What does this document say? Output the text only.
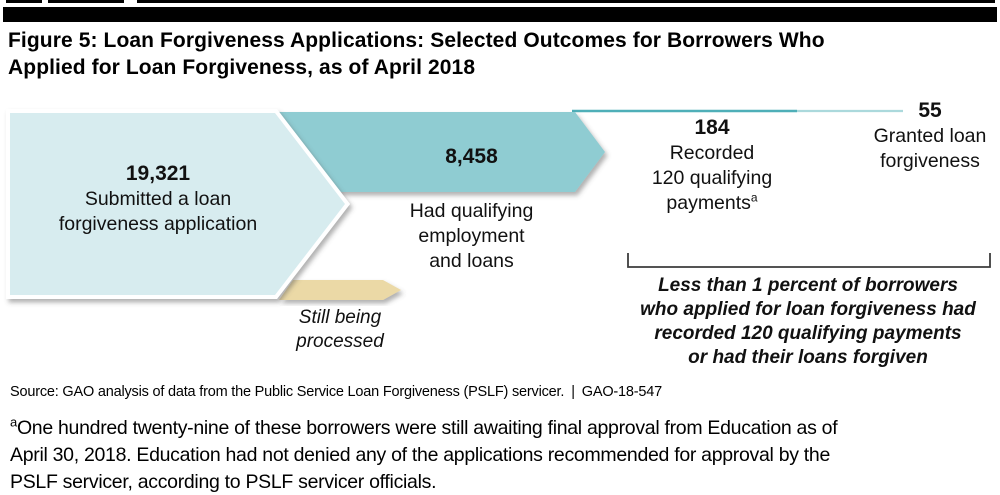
Figure 5: Loan Forgiveness Applications: Selected Outcomes for Borrowers Who
Applied for Loan Forgiveness, as of April 2018
19,321
Submitted a loan
forgiveness application
8,458
Had qualifying
employment
and loans
184
Recorded
120 qualifying
payments$^a$
55
Granted loan
forgiveness
Still being
processed
Less than 1 percent of borrowers
who applied for loan forgiveness had
recorded 120 qualifying payments
or had their loans forgiven
Source: GAO analysis of data from the Public Service Loan Forgiveness (PSLF) servicer. | GAO-18-547
$^a$One hundred twenty-nine of these borrowers were still awaiting final approval from Education as of
April 30, 2018. Education had not denied any of the applications recommended for approval by the
PSLF servicer, according to PSLF servicer officials.
